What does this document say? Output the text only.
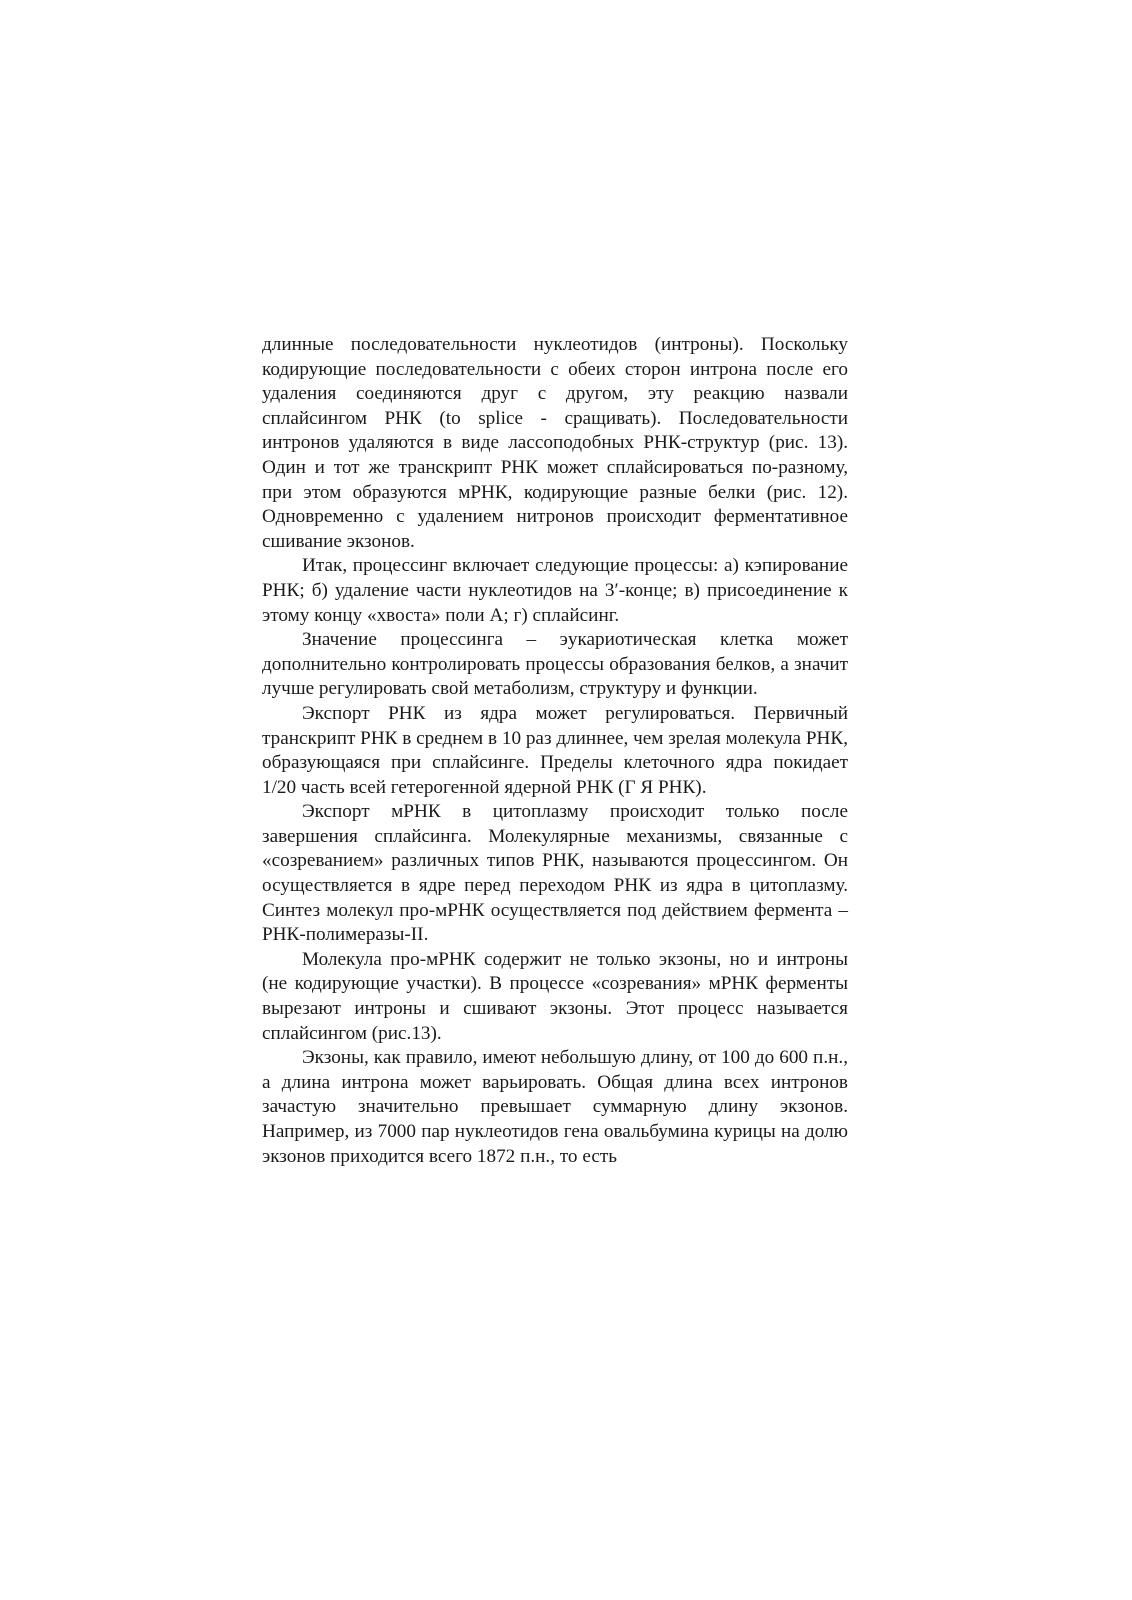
длинные последовательности нуклеотидов (интроны). Поскольку кодирующие последовательности с обеих сторон интрона после его удаления соединяются друг с другом, эту реакцию назвали сплайсингом РНК (to splice - сращивать). Последовательности интронов удаляются в виде лассоподобных РНК-структур (рис. 13). Один и тот же транскрипт РНК может сплайсироваться по-разному, при этом образуются мРНК, кодирующие разные белки (рис. 12). Одновременно с удалением нитронов происходит ферментативное сшивание экзонов.

Итак, процессинг включает следующие процессы: а) кэпирование РНК; б) удаление части нуклеотидов на 3′-конце; в) присоединение к этому концу «хвоста» поли А; г) сплайсинг.

Значение процессинга – эукариотическая клетка может дополнительно контролировать процессы образования белков, а значит лучше регулировать свой метаболизм, структуру и функции.

Экспорт РНК из ядра может регулироваться. Первичный транскрипт РНК в среднем в 10 раз длиннее, чем зрелая молекула РНК, образующаяся при сплайсинге. Пределы клеточного ядра покидает 1/20 часть всей гетерогенной ядерной РНК (Г Я РНК).

Экспорт мРНК в цитоплазму происходит только после завершения сплайсинга. Молекулярные механизмы, связанные с «созреванием» различных типов РНК, называются процессингом. Он осуществляется в ядре перед переходом РНК из ядра в цитоплазму. Синтез молекул про-мРНК осуществляется под действием фермента – РНК-полимеразы-II.

Молекула про-мРНК содержит не только экзоны, но и интроны (не кодирующие участки). В процессе «созревания» мРНК ферменты вырезают интроны и сшивают экзоны. Этот процесс называется сплайсингом (рис.13).

Экзоны, как правило, имеют небольшую длину, от 100 до 600 п.н., а длина интрона может варьировать. Общая длина всех интронов зачастую значительно превышает суммарную длину экзонов. Например, из 7000 пар нуклеотидов гена овальбумина курицы на долю экзонов приходится всего 1872 п.н., то есть
